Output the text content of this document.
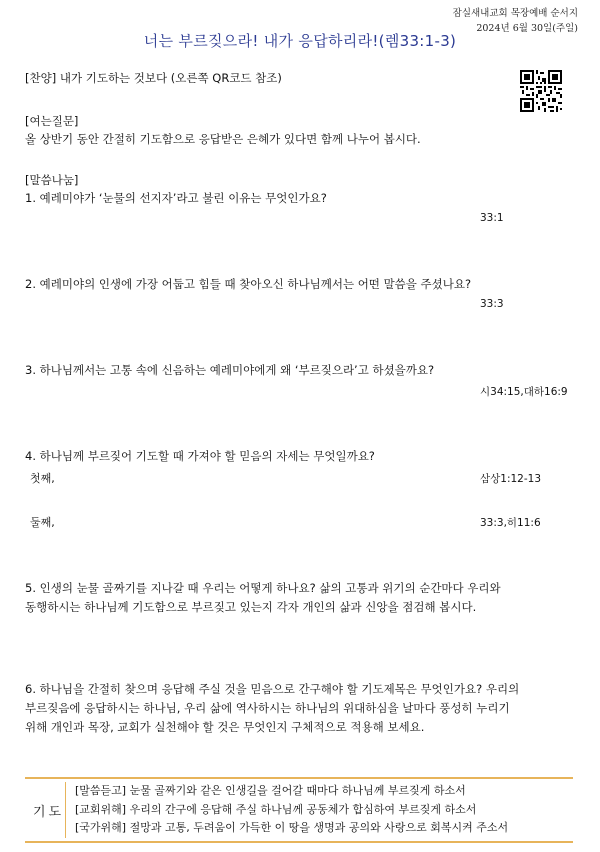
잠실새내교회 목장예배 순서지
2024년 6월 30일(주일)
너는 부르짖으라! 내가 응답하리라!(렘33:1-3)
[찬양] 내가 기도하는 것보다 (오른쪽 QR코드 참조)
[여는질문]
올 상반기 동안 간절히 기도함으로 응답받은 은혜가 있다면 함께 나누어 봅시다.
[말씀나눔]
1. 예레미야가 ‘눈물의 선지자’라고 불린 이유는 무엇인가요?
33:1
2. 예레미야의 인생에 가장 어둡고 힘들 때 찾아오신 하나님께서는 어떤 말씀을 주셨나요?
33:3
3. 하나님께서는 고통 속에 신음하는 예레미야에게 왜 ‘부르짖으라’고 하셨을까요?
시34:15,대하16:9
4. 하나님께 부르짖어 기도할 때 가져야 할 믿음의 자세는 무엇일까요?
첫째,	삼상1:12-13
둘째,	33:3,히11:6
5. 인생의 눈물 골짜기를 지나갈 때 우리는 어떻게 하나요? 삶의 고통과 위기의 순간마다 우리와
동행하시는 하나님께 기도함으로 부르짖고 있는지 각자 개인의 삶과 신앙을 점검해 봅시다.
6. 하나님을 간절히 찾으며 응답해 주실 것을 믿음으로 간구해야 할 기도제목은 무엇인가요? 우리의
부르짖음에 응답하시는 하나님, 우리 삶에 역사하시는 하나님의 위대하심을 날마다 풍성히 누리기
위해 개인과 목장, 교회가 실천해야 할 것은 무엇인지 구체적으로 적용해 보세요.
기도
[말씀듣고] 눈물 골짜기와 같은 인생길을 걸어갈 때마다 하나님께 부르짖게 하소서
[교회위해] 우리의 간구에 응답해 주실 하나님께 공동체가 합심하여 부르짖게 하소서
[국가위해] 절망과 고통, 두려움이 가득한 이 땅을 생명과 공의와 사랑으로 회복시켜 주소서
